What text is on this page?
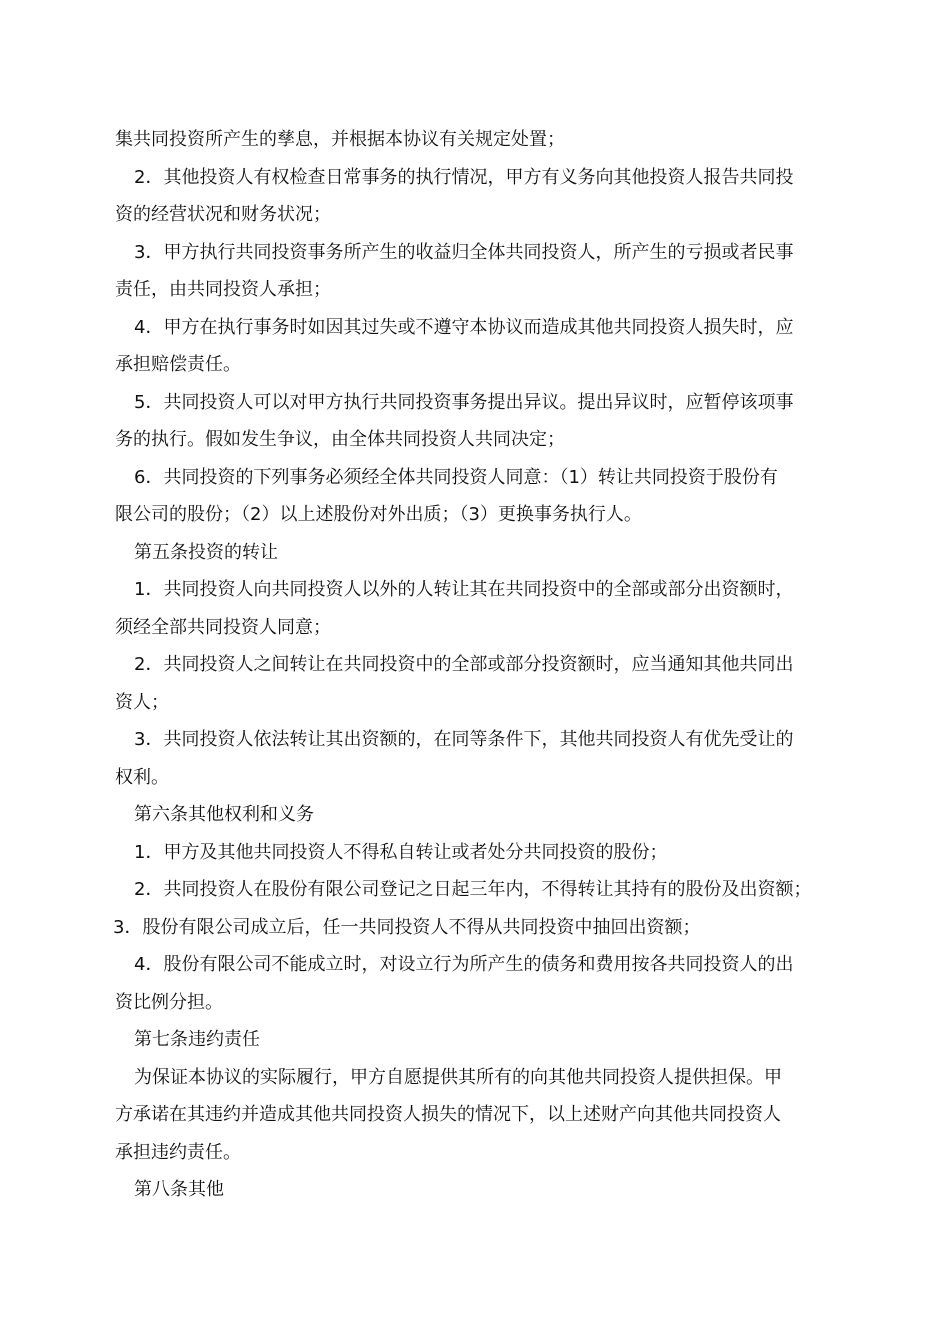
集共同投资所产生的孳息，并根据本协议有关规定处置；
2．其他投资人有权检查日常事务的执行情况，甲方有义务向其他投资人报告共同投
资的经营状况和财务状况；
3．甲方执行共同投资事务所产生的收益归全体共同投资人，所产生的亏损或者民事
责任，由共同投资人承担；
4．甲方在执行事务时如因其过失或不遵守本协议而造成其他共同投资人损失时，应
承担赔偿责任。
5．共同投资人可以对甲方执行共同投资事务提出异议。提出异议时，应暂停该项事
务的执行。假如发生争议，由全体共同投资人共同决定；
6．共同投资的下列事务必须经全体共同投资人同意：（1）转让共同投资于股份有
限公司的股份；（2）以上述股份对外出质；（3）更换事务执行人。
第五条投资的转让
1．共同投资人向共同投资人以外的人转让其在共同投资中的全部或部分出资额时，
须经全部共同投资人同意；
2．共同投资人之间转让在共同投资中的全部或部分投资额时，应当通知其他共同出
资人；
3．共同投资人依法转让其出资额的，在同等条件下，其他共同投资人有优先受让的
权利。
第六条其他权利和义务
1．甲方及其他共同投资人不得私自转让或者处分共同投资的股份；
2．共同投资人在股份有限公司登记之日起三年内，不得转让其持有的股份及出资额；
3．股份有限公司成立后，任一共同投资人不得从共同投资中抽回出资额；
4．股份有限公司不能成立时，对设立行为所产生的债务和费用按各共同投资人的出
资比例分担。
第七条违约责任
为保证本协议的实际履行，甲方自愿提供其所有的向其他共同投资人提供担保。甲
方承诺在其违约并造成其他共同投资人损失的情况下，以上述财产向其他共同投资人
承担违约责任。
第八条其他
